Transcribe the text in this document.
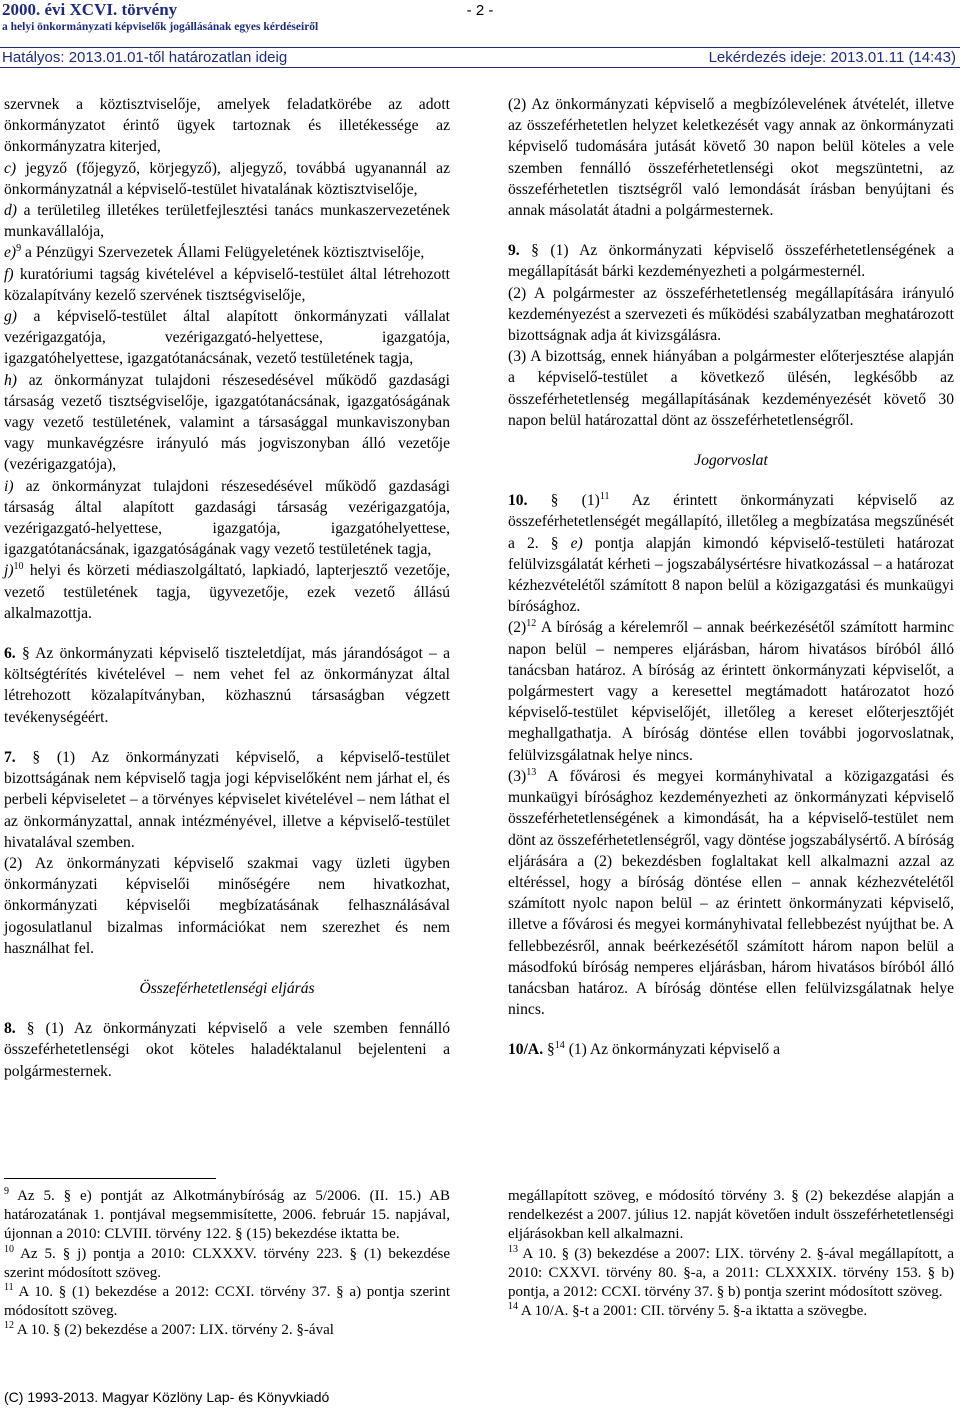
2000. évi XCVI. törvény
a helyi önkormányzati képviselők jogállásának egyes kérdéseiről
- 2 -
Hatályos: 2013.01.01-től határozatlan ideig	Lekérdezés ideje: 2013.01.11 (14:43)

szervnek a köztisztviselője, amelyek feladatkörébe az adott önkormányzatot érintő ügyek tartoznak és illetékessége az önkormányzatra kiterjed,

c) jegyző (főjegyző, körjegyző), aljegyző, továbbá ugyanannál az önkormányzatnál a képviselő-testület hivatalának köztisztviselője,

d) a területileg illetékes területfejlesztési tanács munkaszervezetének munkavállalója,

e)$^9$ a Pénzügyi Szervezetek Állami Felügyeletének köztisztviselője,

f) kuratóriumi tagság kivételével a képviselő-testület által létrehozott közalapítvány kezelő szervének tisztségviselője,

g) a képviselő-testület által alapított önkormányzati vállalat vezérigazgatója, vezérigazgató-helyettese, igazgatója, igazgatóhelyettese, igazgatótanácsának, vezető testületének tagja,

h) az önkormányzat tulajdoni részesedésével működő gazdasági társaság vezető tisztségviselője, igazgatótanácsának, igazgatóságának vagy vezető testületének, valamint a társasággal munkaviszonyban vagy munkavégzésre irányuló más jogviszonyban álló vezetője (vezérigazgatója),

i) az önkormányzat tulajdoni részesedésével működő gazdasági társaság által alapított gazdasági társaság vezérigazgatója, vezérigazgató-helyettese, igazgatója, igazgatóhelyettese, igazgatótanácsának, igazgatóságának vagy vezető testületének tagja,

j)$^{10}$ helyi és körzeti médiaszolgáltató, lapkiadó, lapterjesztő vezetője, vezető testületének tagja, ügyvezetője, ezek vezető állású alkalmazottja.

6. § Az önkormányzati képviselő tiszteletdíjat, más járandóságot – a költségtérítés kivételével – nem vehet fel az önkormányzat által létrehozott közalapítványban, közhasznú társaságban végzett tevékenységéért.

7. § (1) Az önkormányzati képviselő, a képviselő-testület bizottságának nem képviselő tagja jogi képviselőként nem járhat el, és perbeli képviseletet – a törvényes képviselet kivételével – nem láthat el az önkormányzattal, annak intézményével, illetve a képviselő-testület hivatalával szemben.

(2) Az önkormányzati képviselő szakmai vagy üzleti ügyben önkormányzati képviselői minőségére nem hivatkozhat, önkormányzati képviselői megbízatásának felhasználásával jogosulatlanul bizalmas információkat nem szerezhet és nem használhat fel.

Összeférhetetlenségi eljárás

8. § (1) Az önkormányzati képviselő a vele szemben fennálló összeférhetetlenségi okot köteles haladéktalanul bejelenteni a polgármesternek.

(2) Az önkormányzati képviselő a megbízólevelének átvételét, illetve az összeférhetetlen helyzet keletkezését vagy annak az önkormányzati képviselő tudomására jutását követő 30 napon belül köteles a vele szemben fennálló összeférhetetlenségi okot megszüntetni, az összeférhetetlen tisztségről való lemondását írásban benyújtani és annak másolatát átadni a polgármesternek.

9. § (1) Az önkormányzati képviselő összeférhetetlenségének a megállapítását bárki kezdeményezheti a polgármesternél.

(2) A polgármester az összeférhetetlenség megállapítására irányuló kezdeményezést a szervezeti és működési szabályzatban meghatározott bizottságnak adja át kivizsgálásra.

(3) A bizottság, ennek hiányában a polgármester előterjesztése alapján a képviselő-testület a következő ülésén, legkésőbb az összeférhetetlenség megállapításának kezdeményezését követő 30 napon belül határozattal dönt az összeférhetetlenségről.

Jogorvoslat

10. § $(1)^{11}$ Az érintett önkormányzati képviselő az összeférhetetlenségét megállapító, illetőleg a megbízatása megszűnését a 2. § e) pontja alapján kimondó képviselő-testületi határozat felülvizsgálatát kérheti – jogszabálysértésre hivatkozással – a határozat kézhezvételétől számított 8 napon belül a közigazgatási és munkaügyi bírósághoz.

$(2)^{12}$ A bíróság a kérelemről – annak beérkezésétől számított harminc napon belül – nemperes eljárásban, három hivatásos bíróból álló tanácsban határoz. A bíróság az érintett önkormányzati képviselőt, a polgármestert vagy a keresettel megtámadott határozatot hozó képviselő-testület képviselőjét, illetőleg a kereset előterjesztőjét meghallgathatja. A bíróság döntése ellen további jogorvoslatnak, felülvizsgálatnak helye nincs.

$(3)^{13}$ A fővárosi és megyei kormányhivatal a közigazgatási és munkaügyi bírósághoz kezdeményezheti az önkormányzati képviselő összeférhetetlenségének a kimondását, ha a képviselő-testület nem dönt az összeférhetetlenségről, vagy döntése jogszabálysértő. A bíróság eljárására a (2) bekezdésben foglaltakat kell alkalmazni azzal az eltéréssel, hogy a bíróság döntése ellen – annak kézhezvételétől számított nyolc napon belül – az érintett önkormányzati képviselő, illetve a fővárosi és megyei kormányhivatal fellebbezést nyújthat be. A fellebbezésről, annak beérkezésétől számított három napon belül a másodfokú bíróság nemperes eljárásban, három hivatásos bíróból álló tanácsban határoz. A bíróság döntése ellen felülvizsgálatnak helye nincs.

10/A. §$^{14}$ (1) Az önkormányzati képviselő a

$^9$ Az 5. § e) pontját az Alkotmánybíróság az 5/2006. (II. 15.) AB határozatának 1. pontjával megsemmisítette, 2006. február 15. napjával, újonnan a 2010: CLVIII. törvény 122. § (15) bekezdése iktatta be.

$^{10}$ Az 5. § j) pontja a 2010: CLXXXV. törvény 223. § (1) bekezdése szerint módosított szöveg.

$^{11}$ A 10. § (1) bekezdése a 2012: CCXI. törvény 37. § a) pontja szerint módosított szöveg.

$^{12}$ A 10. § (2) bekezdése a 2007: LIX. törvény 2. §-ával

megállapított szöveg, e módosító törvény 3. § (2) bekezdése alapján a rendelkezést a 2007. július 12. napját követően indult összeférhetetlenségi eljárásokban kell alkalmazni.

$^{13}$ A 10. § (3) bekezdése a 2007: LIX. törvény 2. §-ával megállapított, a 2010: CXXVI. törvény 80. §-a, a 2011: CLXXXIX. törvény 153. § b) pontja, a 2012: CCXI. törvény 37. § b) pontja szerint módosított szöveg.

$^{14}$ A 10/A. §-t a 2001: CII. törvény 5. §-a iktatta a szövegbe.

(C) 1993-2013. Magyar Közlöny Lap- és Könyvkiadó
